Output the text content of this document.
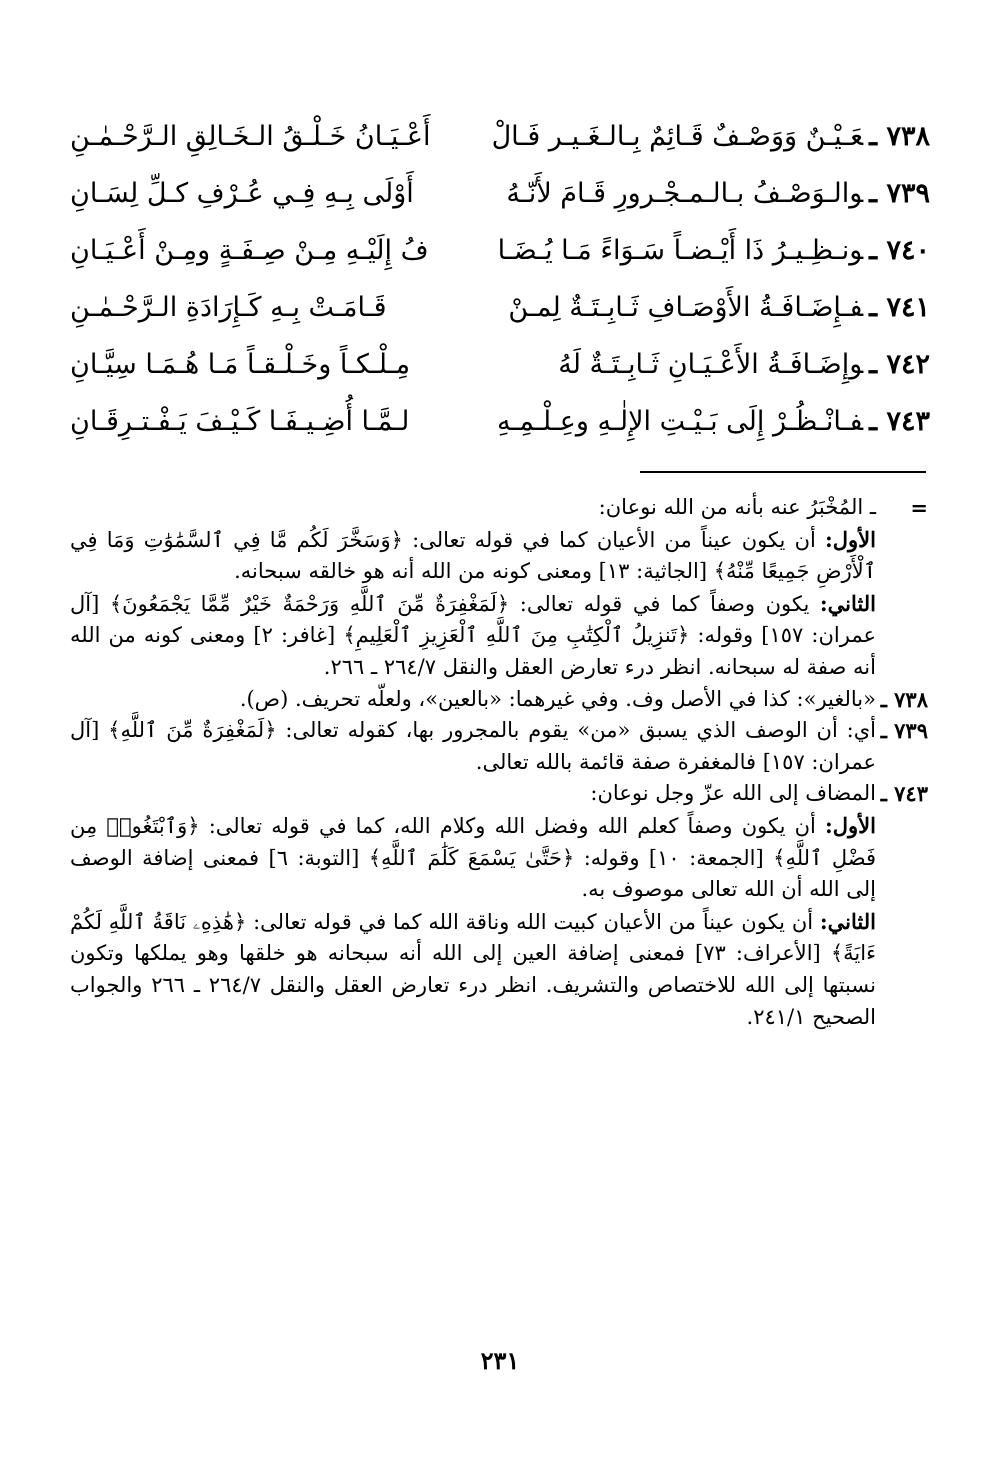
٧٣٨ ـعَـيْـنٌ وَوَصْـفٌ قَـائِمٌ بِـالـغَـيـر فَـالْ
أَعْـيَـانُ خَـلْـقُ الـخَـالِقِ الـرَّحْـمٰـنِ
٧٣٩ ـوالـوَصْـفُ بـالـمـجْـرورِ قَـامَ لأَنّـهُ
أَوْلَى بِـهِ فِـي عُـرْفِ كـلِّ لِسَـانِ
٧٤٠ ـونـظِـيـرُ ذَا أَيْـضـاً سَـوَاءً مَـا يُـضَـا
فُ إِلَيْـهِ مِـنْ صِـفَـةٍ ومِـنْ أَعْـيَـانِ
٧٤١ ـفـإِضَـافَـةُ الأَوْصَـافِ ثَـابِـتَـةٌ لِمـنْ
قَـامَـتْ بِـهِ كَـإِرَادَةِ الـرَّحْـمٰـنِ
٧٤٢ ـوإِضَـافَـةُ الأَعْـيَـانِ ثَـابِـتَـةٌ لَهُ
مِـلْـكـاً وخَـلْـقـاً مَـا هُـمَـا سِيَّـانِ
٧٤٣ ـفـانْـظُـرْ إِلَى بَـيْـتِ الإِلٰـهِ وعِـلْـمِـهِ
لـمَّـا أُضِـيـفَـا كَـيْـفَ يَـفْـتـرِقَـانِ
=

ـ المُخْبَرُ عنه بأنه من الله نوعان:

الأول: أن يكون عيناً من الأعيان كما في قوله تعالى: ﴿وَسَخَّرَ لَكُم مَّا فِي ٱلسَّمَٰوَٰتِ وَمَا فِي ٱلْأَرْضِ جَمِيعًا مِّنْهُ﴾ [الجاثية: ١٣] ومعنى كونه من الله أنه هو خالقه سبحانه.

الثاني: يكون وصفاً كما في قوله تعالى: ﴿لَمَغْفِرَةٌ مِّنَ ٱللَّهِ وَرَحْمَةٌ خَيْرٌ مِّمَّا يَجْمَعُونَ﴾ [آل عمران: ١٥٧] وقوله: ﴿تَنزِيلُ ٱلْكِتَٰبِ مِنَ ٱللَّهِ ٱلْعَزِيزِ ٱلْعَلِيمِ﴾ [غافر: ٢] ومعنى كونه من الله أنه صفة له سبحانه. انظر درء تعارض العقل والنقل ٢٦٤/٧ ـ ٢٦٦.

٧٣٨ ـ

«بالغير»: كذا في الأصل وف. وفي غيرهما: «بالعين»، ولعلّه تحريف. (ص).

٧٣٩ ـ

أي: أن الوصف الذي يسبق «من» يقوم بالمجرور بها، كقوله تعالى: ﴿لَمَغْفِرَةٌ مِّنَ ٱللَّهِ﴾ [آل عمران: ١٥٧] فالمغفرة صفة قائمة بالله تعالى.

٧٤٣ ـ

المضاف إلى الله عزّ وجل نوعان:

الأول: أن يكون وصفاً كعلم الله وفضل الله وكلام الله، كما في قوله تعالى: ﴿وَٱبْتَغُوا۟ مِن فَضْلِ ٱللَّهِ﴾ [الجمعة: ١٠] وقوله: ﴿حَتَّىٰ يَسْمَعَ كَلَٰمَ ٱللَّهِ﴾ [التوبة: ٦] فمعنى إضافة الوصف إلى الله أن الله تعالى موصوف به.

الثاني: أن يكون عيناً من الأعيان كبيت الله وناقة الله كما في قوله تعالى: ﴿هَٰذِهِۦ نَاقَةُ ٱللَّهِ لَكُمْ ءَايَةً﴾ [الأعراف: ٧٣] فمعنى إضافة العين إلى الله أنه سبحانه هو خلقها وهو يملكها وتكون نسبتها إلى الله للاختصاص والتشريف. انظر درء تعارض العقل والنقل ٢٦٤/٧ ـ ٢٦٦ والجواب الصحيح ٢٤١/١.

٢٣١
